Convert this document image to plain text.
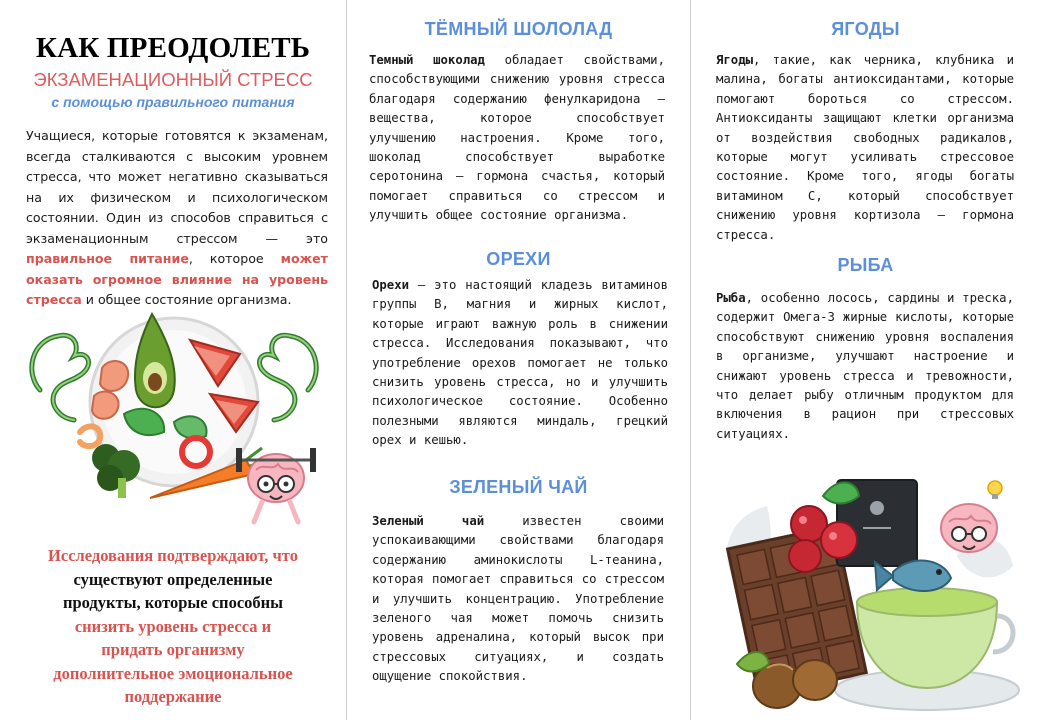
КАК ПРЕОДОЛЕТЬ
ЭКЗАМЕНАЦИОННЫЙ СТРЕСС
с помощью правильного питания

Учащиеся, которые готовятся к экзаменам, всегда сталкиваются с высоким уровнем стресса, что может негативно сказываться на их физическом и психологическом состоянии. Один из способов справиться с экзаменационным стрессом — это правильное питание, которое может оказать огромное влияние на уровень стресса и общее состояние организма.

Исследования подтверждают, что
существуют определенные
продукты, которые способны
снизить уровень стресса и
придать организму
дополнительное эмоциональное
поддержание
ТЁМНЫЙ ШОЛОЛАД

Темный шоколад обладает свойствами, способствующими снижению уровня стресса благодаря содержанию фенулкаридона – вещества, которое способствует улучшению настроения. Кроме того, шоколад способствует выработке серотонина — гормона счастья, который помогает справиться со стрессом и улучшить общее состояние организма.

ОРЕХИ

Орехи – это настоящий кладезь витаминов группы В, магния и жирных кислот, которые играют важную роль в снижении стресса. Исследования показывают, что употребление орехов помогает не только снизить уровень стресса, но и улучшить психологическое состояние. Особенно полезными являются миндаль, грецкий орех и кешью.

ЗЕЛЕНЫЙ ЧАЙ

Зеленый чай	известен своими успокаивающими свойствами благодаря содержанию аминокислоты L-теанина, которая помогает справиться со стрессом и улучшить концентрацию. Употребление зеленого чая может помочь снизить уровень адреналина, который высок при стрессовых ситуациях, и создать ощущение спокойствия.

ЯГОДЫ

Ягоды, такие, как черника, клубника и малина, богаты антиоксидантами, которые помогают бороться со стрессом. Антиоксиданты защищают клетки организма от воздействия свободных радикалов, которые могут усиливать стрессовое состояние. Кроме того, ягоды богаты витамином С, который способствует снижению уровня кортизола – гормона стресса.

РЫБА

Рыба, особенно лосось, сардины и треска, содержит Омега-3 жирные кислоты, которые способствуют снижению уровня воспаления в организме, улучшают настроение и снижают уровень стресса и тревожности, что делает рыбу отличным продуктом для включения в рацион при стрессовых ситуациях.
